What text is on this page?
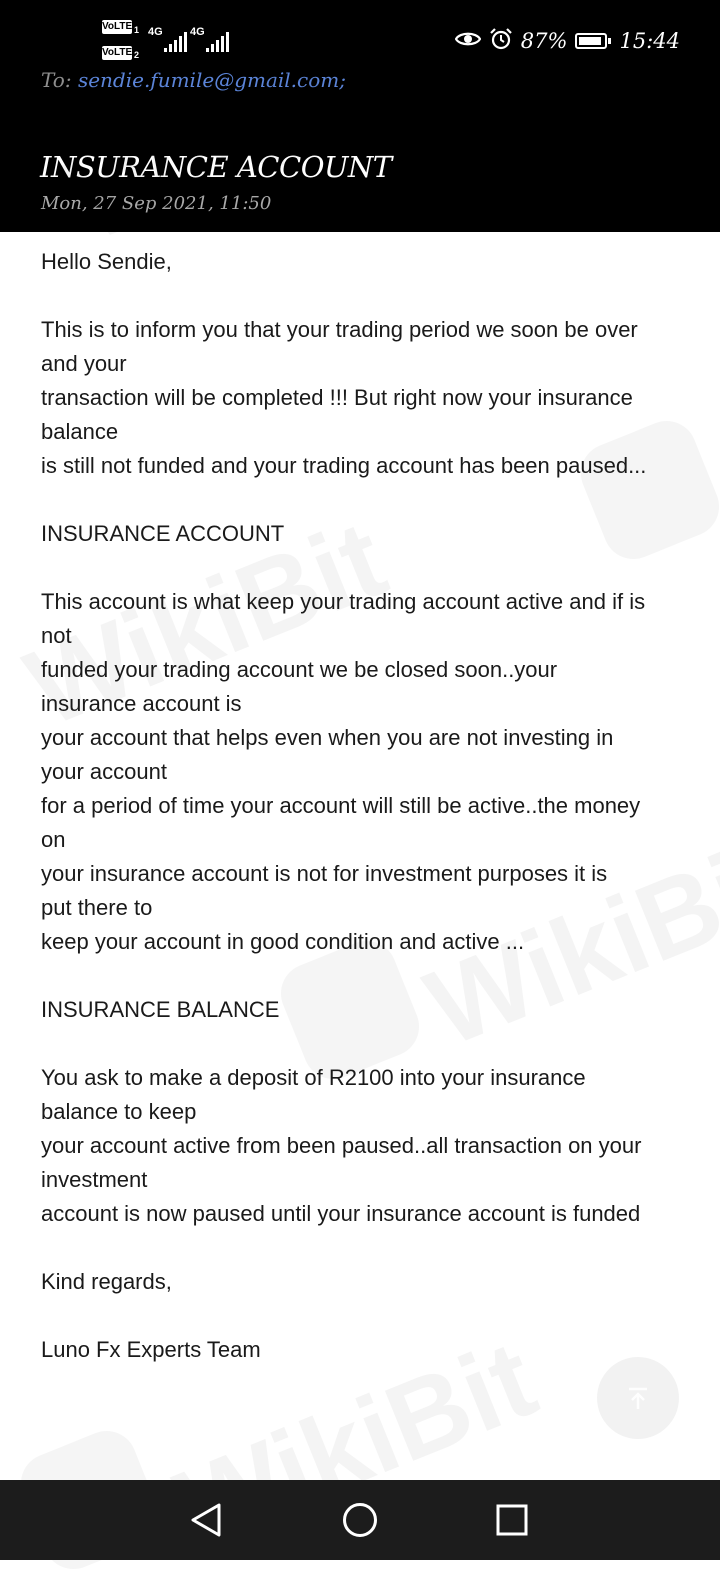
VoLTE 1
VoLTE 2
4G 4G	87% 15:44
To: sendie.fumile@gmail.com;
INSURANCE ACCOUNT
Mon, 27 Sep 2021, 11:50
Hello Sendie,
This is to inform you that your trading period we soon be over
and your
transaction will be completed !!! But right now your insurance
balance
is still not funded and your trading account has been paused...
INSURANCE ACCOUNT
This account is what keep your trading account active and if is
not
funded your trading account we be closed soon..your
insurance account is
your account that helps even when you are not investing in
your account
for a period of time your account will still be active..the money
on
your insurance account is not for investment purposes it is
put there to
keep your account in good condition and active ...
INSURANCE BALANCE
You ask to make a deposit of R2100 into your insurance
balance to keep
your account active from been paused..all transaction on your
investment
account is now paused until your insurance account is funded
Kind regards,
Luno Fx Experts Team
